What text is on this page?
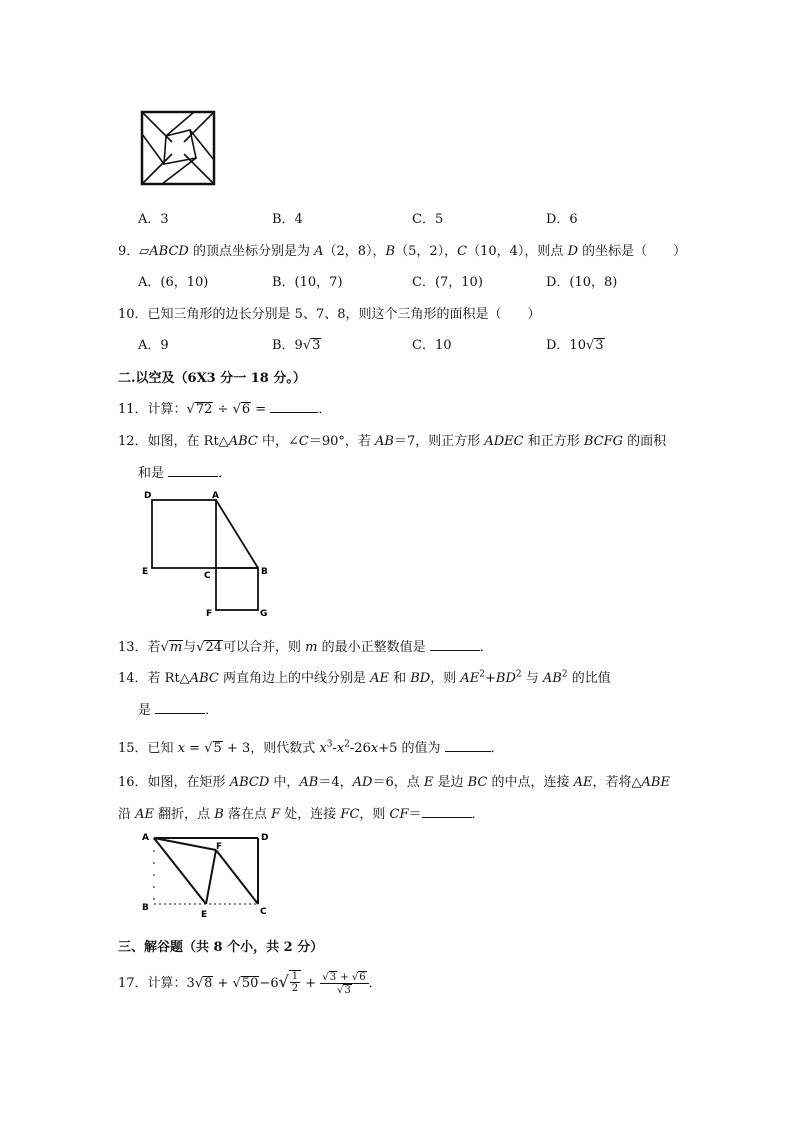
A．3	B．4	C．5	D．6
9．▱ABCD 的顶点坐标分别是为 A（2，8），B（5，2），C（10，4），则点 D 的坐标是（　　）
A．(6，10)	B．(10，7)	C．(7，10)	D．(10，8)
10．已知三角形的边长分别是 5、7、8，则这个三角形的面积是（　　）
A．9	B．9√3	C．10	D．10√3
二.以空及（6X3 分一 18 分。）
11．计算：√72 ÷ √6 =	．
12．如图，在 Rt△ABC 中，∠C＝90°，若 AB＝7，则正方形 ADEC 和正方形 BCFG 的面积
和是	．
D	A
E	C	B
F	G
13．若√m与√24可以合并，则 m 的最小正整数值是	．
14．若 Rt△ABC 两直角边上的中线分别是 AE 和 BD，则 $AE^2+BD^2$ 与 $AB^2$ 的比值
是	．
15．已知 x = √5 + 3，则代数式 $x^3-x^2-26x+5$ 的值为	．
16．如图，在矩形 ABCD 中，AB＝4，AD＝6，点 E 是边 BC 的中点，连接 AE，若将△ABE
沿 AE 翻折，点 B 落在点 F 处，连接 FC，则 CF＝	．
A	D
F
B
E	C
三、解谷题（共 8 个小，共 2 分）
17．计算：$3√8 + √50-6√ \frac{1}{2} + \frac{√3 + √6}{√3}$ ．
